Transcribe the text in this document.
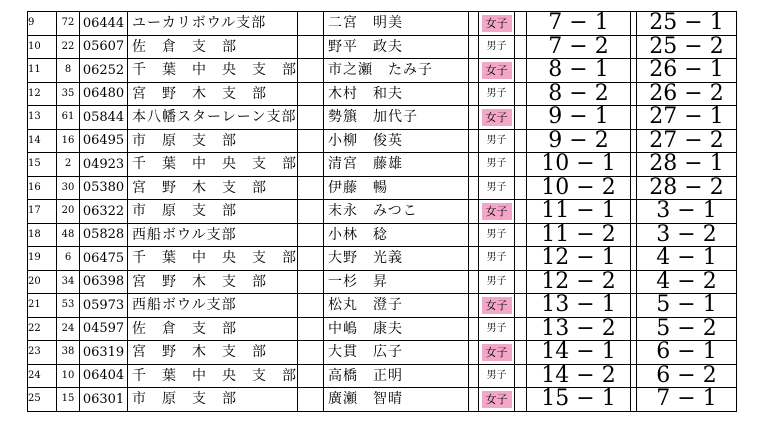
9	72	06444	ユーカリボウル支部		二宮　明美		女子		7 − 1		25 − 1
10	22	05607	佐　倉　支　部		野平　政夫		男子		7 − 2		25 − 2
11	8	06252	千　葉　中　央　支　部		市之瀬　たみ子		女子		8 − 1		26 − 1
12	35	06480	宮　野　木　支　部		木村　和夫		男子		8 − 2		26 − 2
13	61	05844	本八幡スターレーン支部		勢籏　加代子		女子		9 − 1		27 − 1
14	16	06495	市　原　支　部		小柳　俊英		男子		9 − 2		27 − 2
15	2	04923	千　葉　中　央　支　部		清宮　藤雄		男子		10 − 1		28 − 1
16	30	05380	宮　野　木　支　部		伊藤　暢		男子		10 − 2		28 − 2
17	20	06322	市　原　支　部		末永　みつこ		女子		11 − 1		3 − 1
18	48	05828	西船ボウル支部		小林　稔		男子		11 − 2		3 − 2
19	6	06475	千　葉　中　央　支　部		大野　光義		男子		12 − 1		4 − 1
20	34	06398	宮　野　木　支　部		一杉　昇		男子		12 − 2		4 − 2
21	53	05973	西船ボウル支部		松丸　澄子		女子		13 − 1		5 − 1
22	24	04597	佐　倉　支　部		中嶋　康夫		男子		13 − 2		5 − 2
23	38	06319	宮　野　木　支　部		大貫　広子		女子		14 − 1		6 − 1
24	10	06404	千　葉　中　央　支　部		高橋　正明		男子		14 − 2		6 − 2
25	15	06301	市　原　支　部		廣瀬　智晴		女子		15 − 1		7 − 1
